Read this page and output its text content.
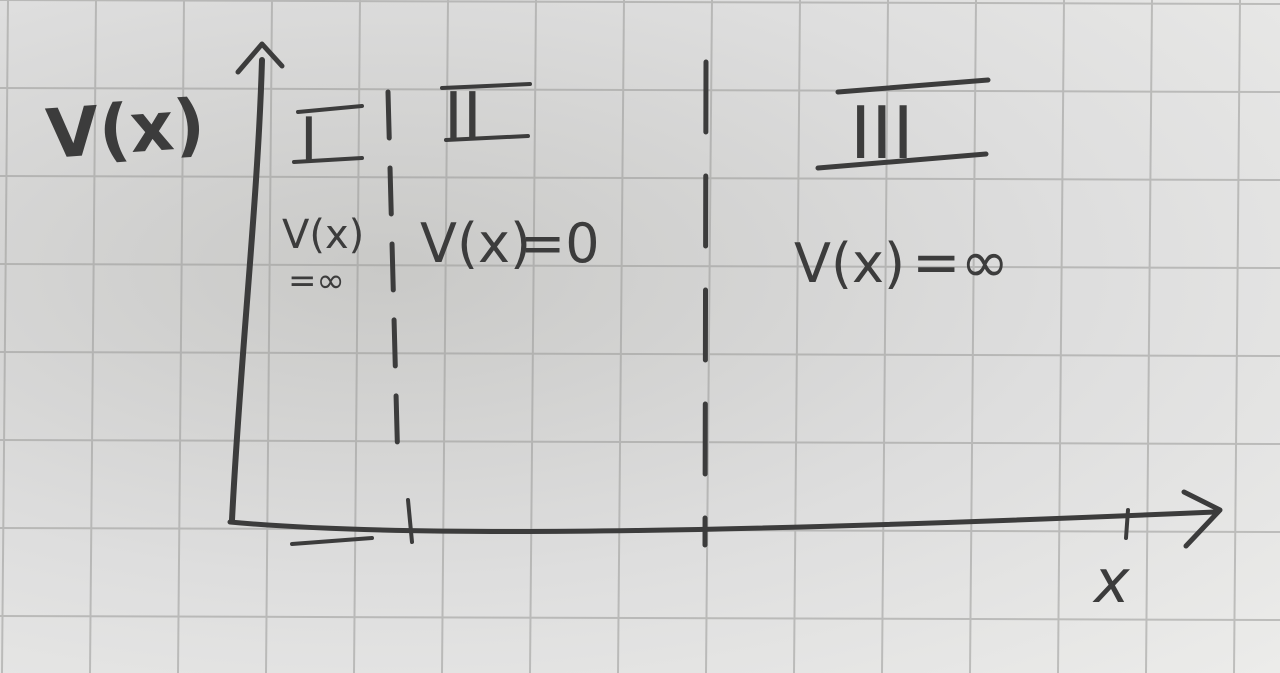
V(x)
x
I
V(x)
=∞
II
V(x)
=0
III
V(x) =∞
